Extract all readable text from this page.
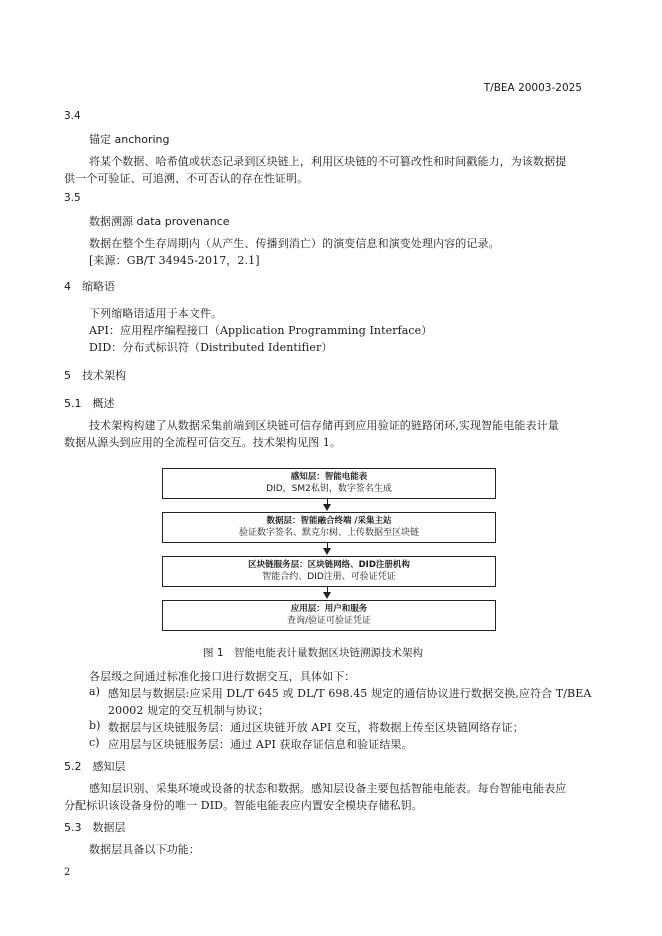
T/BEA 20003-2025
3.4
锚定 anchoring
将某个数据、哈希值或状态记录到区块链上，利用区块链的不可篡改性和时间戳能力，为该数据提
供一个可验证、可追溯、不可否认的存在性证明。
3.5
数据溯源 data provenance
数据在整个生存周期内（从产生、传播到消亡）的演变信息和演变处理内容的记录。
[来源：GB/T 34945-2017，2.1]
4　缩略语
下列缩略语适用于本文件。
API：应用程序编程接口（Application Programming Interface）
DID：分布式标识符（Distributed Identifier）
5　技术架构
5.1　概述
技术架构构建了从数据采集前端到区块链可信存储再到应用验证的链路闭环,实现智能电能表计量
数据从源头到应用的全流程可信交互。技术架构见图 1。
感知层：智能电能表
DID，SM2私钥，数字签名生成
数据层：智能融合终端 /采集主站
验证数字签名、默克尔树、上传数据至区块链
区块链服务层：区块链网络、DID注册机构
智能合约、DID注册、可验证凭证
应用层：用户和服务
查询/验证可验证凭证
图 1　智能电能表计量数据区块链溯源技术架构
各层级之间通过标准化接口进行数据交互，具体如下：
a) 感知层与数据层:应采用 DL/T 645 或 DL/T 698.45 规定的通信协议进行数据交换,应符合 T/BEA
20002 规定的交互机制与协议；
b) 数据层与区块链服务层：通过区块链开放 API 交互，将数据上传至区块链网络存证；
c) 应用层与区块链服务层：通过 API 获取存证信息和验证结果。
5.2　感知层
感知层识别、采集环境或设备的状态和数据。感知层设备主要包括智能电能表。每台智能电能表应
分配标识该设备身份的唯一 DID。智能电能表应内置安全模块存储私钥。
5.3　数据层
数据层具备以下功能：
2
